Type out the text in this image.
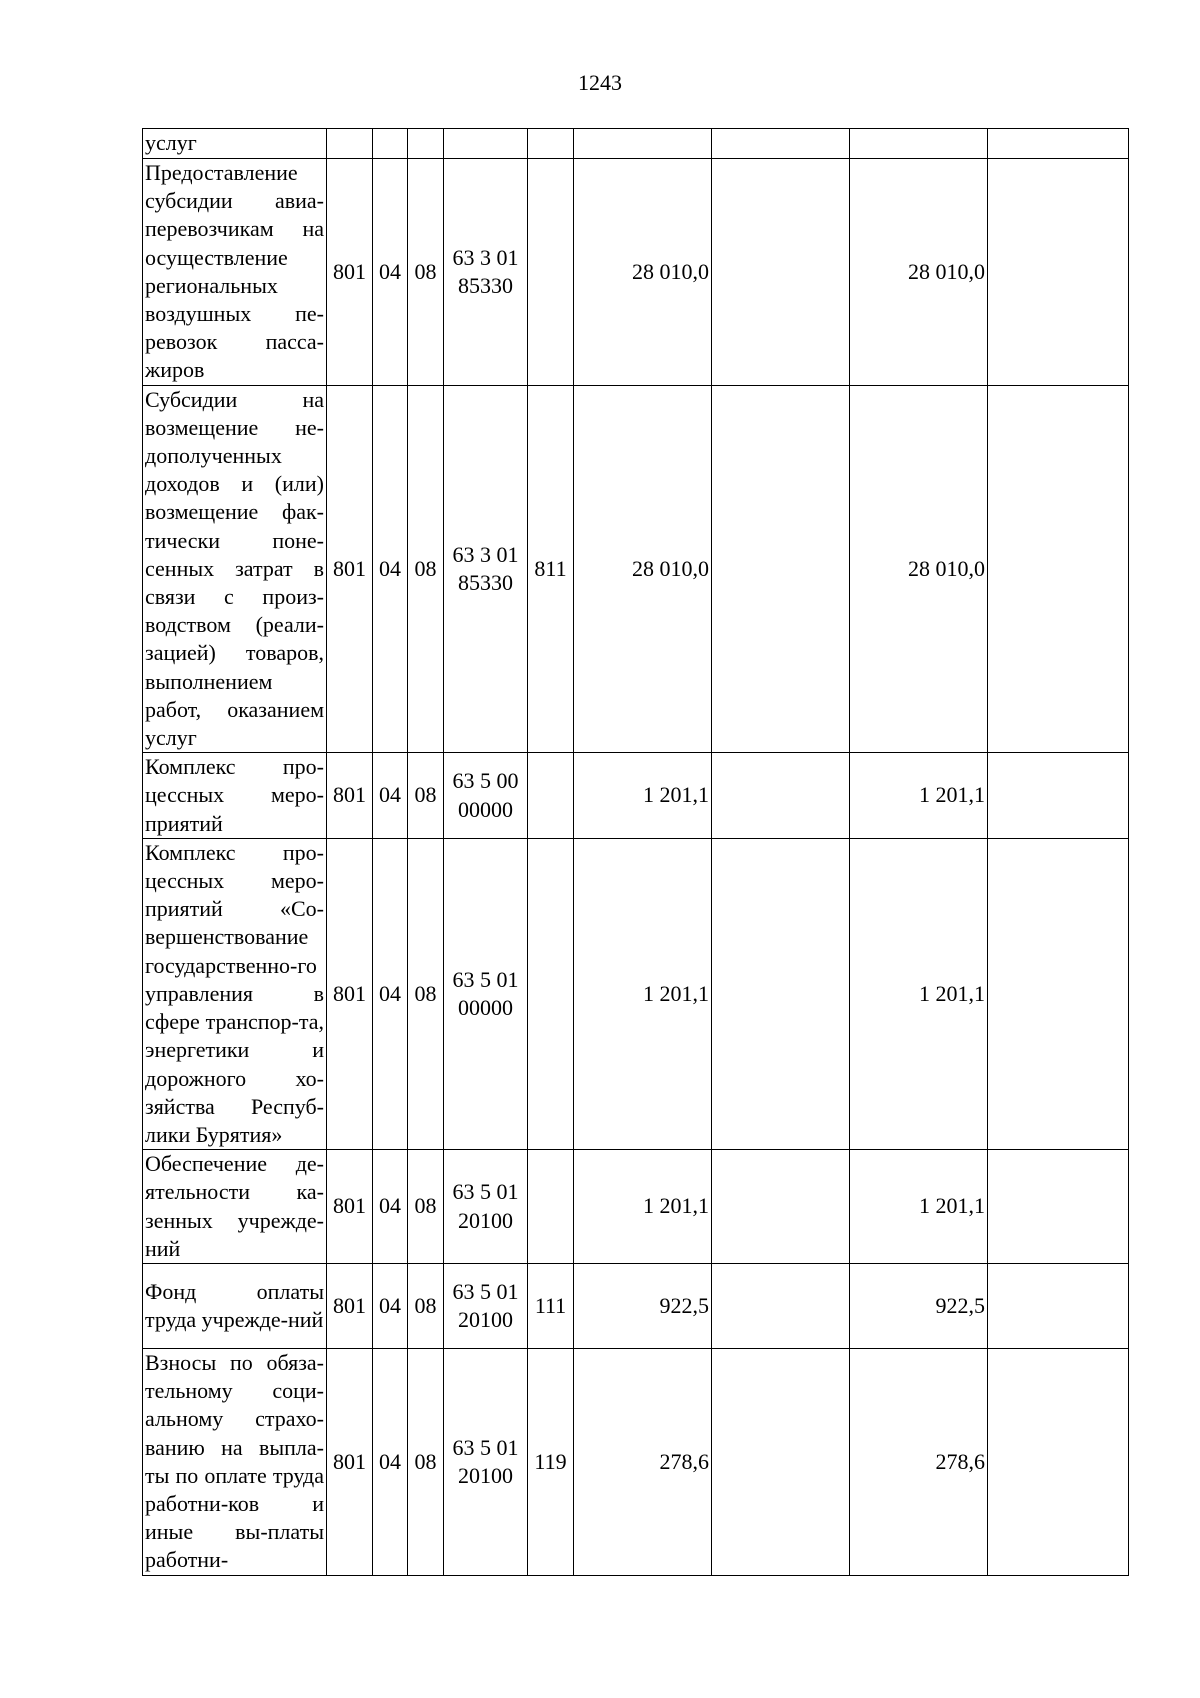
1243
услуг									
Предоставление субсидии авиа-перевозчикам на осуществление региональных воздушных пе-ревозок пасса-жиров	801	04	08	63 3 01 85330		28 010,0		28 010,0	
Субсидии на возмещение не-дополученных доходов и (или) возмещение фак-тически поне-сенных затрат в связи с произ-водством (реали-зацией) товаров, выполнением работ, оказанием услуг	801	04	08	63 3 01 85330	811	28 010,0		28 010,0	
Комплекс про-цессных меро-приятий	801	04	08	63 5 00 00000		1 201,1		1 201,1	
Комплекс про-цессных меро-приятий «Со-вершенствование государственно-го управления в сфере транспор-та, энергетики и дорожного хо-зяйства Респуб-лики Бурятия»	801	04	08	63 5 01 00000		1 201,1		1 201,1	
Обеспечение де-ятельности ка-зенных учрежде-ний	801	04	08	63 5 01 20100		1 201,1		1 201,1	
Фонд оплаты труда учрежде-ний	801	04	08	63 5 01 20100	111	922,5		922,5	
Взносы по обяза-тельному соци-альному страхо-ванию на выпла-ты по оплате труда работни-ков и иные вы-платы работни-	801	04	08	63 5 01 20100	119	278,6		278,6	
